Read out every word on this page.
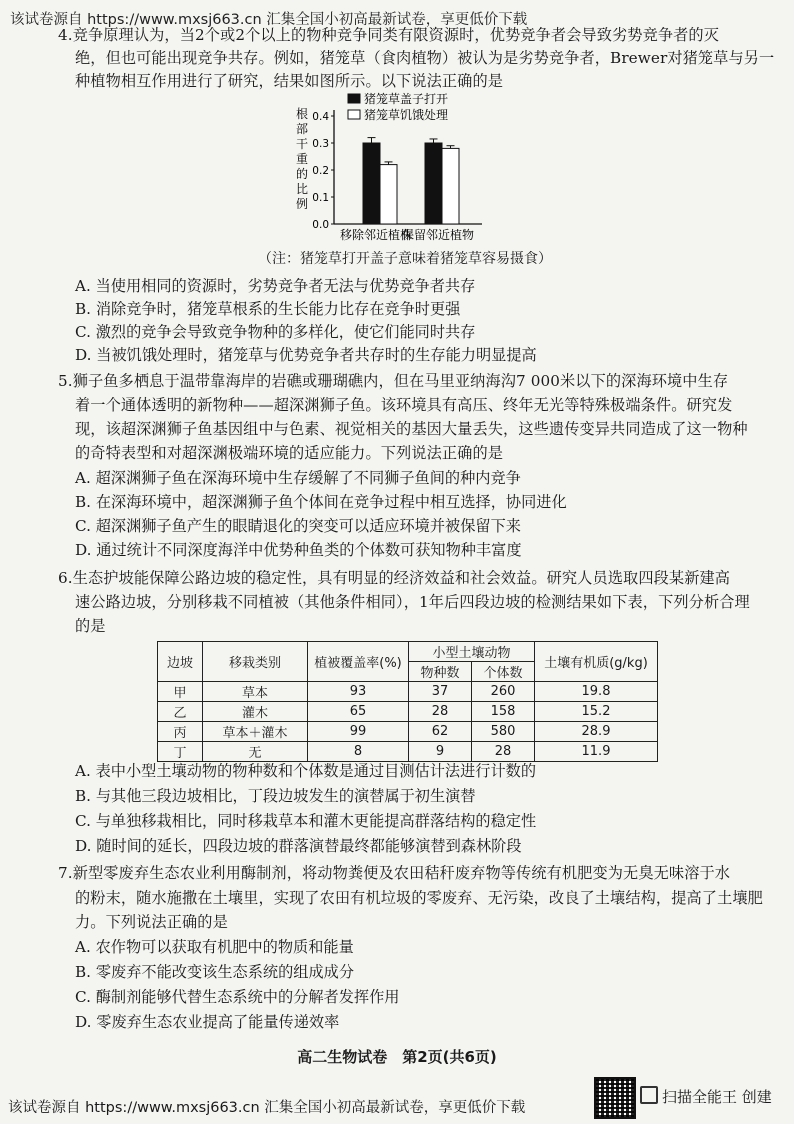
该试卷源自 https://www.mxsj663.cn 汇集全国小初高最新试卷，享更低价下载
4.竞争原理认为，当2个或2个以上的物种竞争同类有限资源时，优势竞争者会导致劣势竞争者的灭
绝，但也可能出现竞争共存。例如，猪笼草（食肉植物）被认为是劣势竞争者，Brewer对猪笼草与另一
种植物相互作用进行了研究，结果如图所示。以下说法正确的是
根
部
干
重
的
比
例
0.0
0.1
0.2
0.3
0.4
移除邻近植株
保留邻近植物
猪笼草盖子打开
猪笼草饥饿处理
（注：猪笼草打开盖子意味着猪笼草容易摄食）
A. 当使用相同的资源时，劣势竞争者无法与优势竞争者共存
B. 消除竞争时，猪笼草根系的生长能力比存在竞争时更强
C. 激烈的竞争会导致竞争物种的多样化，使它们能同时共存
D. 当被饥饿处理时，猪笼草与优势竞争者共存时的生存能力明显提高
5.狮子鱼多栖息于温带靠海岸的岩礁或珊瑚礁内，但在马里亚纳海沟7 000米以下的深海环境中生存
着一个通体透明的新物种——超深渊狮子鱼。该环境具有高压、终年无光等特殊极端条件。研究发
现，该超深渊狮子鱼基因组中与色素、视觉相关的基因大量丢失，这些遗传变异共同造成了这一物种
的奇特表型和对超深渊极端环境的适应能力。下列说法正确的是
A. 超深渊狮子鱼在深海环境中生存缓解了不同狮子鱼间的种内竞争
B. 在深海环境中，超深渊狮子鱼个体间在竞争过程中相互选择，协同进化
C. 超深渊狮子鱼产生的眼睛退化的突变可以适应环境并被保留下来
D. 通过统计不同深度海洋中优势种鱼类的个体数可获知物种丰富度
6.生态护坡能保障公路边坡的稳定性，具有明显的经济效益和社会效益。研究人员选取四段某新建高
速公路边坡，分别移栽不同植被（其他条件相同），1年后四段边坡的检测结果如下表，下列分析合理
的是
边坡	移栽类别	植被覆盖率(%)	小型土壤动物		土壤有机质(g/kg)
			物种数	个体数	
甲	草本	93	37	260	19.8
乙	灌木	65	28	158	15.2
丙	草本＋灌木	99	62	580	28.9
丁	无	8	9	28	11.9
A. 表中小型土壤动物的物种数和个体数是通过目测估计法进行计数的
B. 与其他三段边坡相比，丁段边坡发生的演替属于初生演替
C. 与单独移栽相比，同时移栽草本和灌木更能提高群落结构的稳定性
D. 随时间的延长，四段边坡的群落演替最终都能够演替到森林阶段
7.新型零废弃生态农业利用酶制剂，将动物粪便及农田秸秆废弃物等传统有机肥变为无臭无味溶于水
的粉末，随水施撒在土壤里，实现了农田有机垃圾的零废弃、无污染，改良了土壤结构，提高了土壤肥
力。下列说法正确的是
A. 农作物可以获取有机肥中的物质和能量
B. 零废弃不能改变该生态系统的组成成分
C. 酶制剂能够代替生态系统中的分解者发挥作用
D. 零废弃生态农业提高了能量传递效率
高二生物试卷　第2页(共6页)
该试卷源自 https://www.mxsj663.cn 汇集全国小初高最新试卷，享更低价下载
扫描全能王 创建
